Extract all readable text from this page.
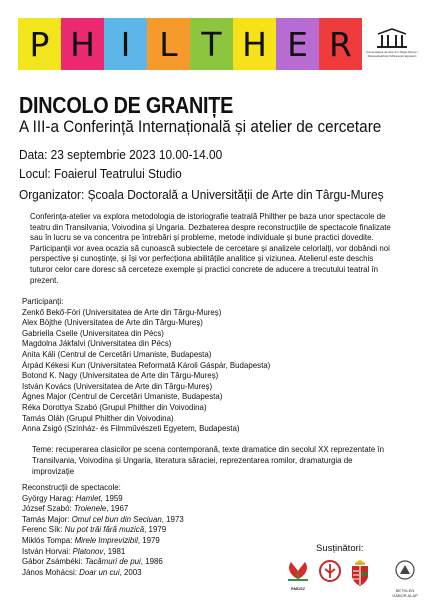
P H I L T H E R	Universitatea de Arte din Târgu-Mureș / Marosvásárhelyi Művészeti Egyetem
DINCOLO DE GRANIȚE
A III-a Conferință Internațională și atelier de cercetare
Data: 23 septembrie 2023 10.00-14.00
Locul: Foaierul Teatrului Studio
Organizator: Școala Doctorală a Universității de Arte din Târgu-Mureș
Conferința-atelier va explora metodologia de istoriografie teatrală Philther pe baza unor spectacole de teatru din Transilvania, Voivodina și Ungaria. Dezbaterea despre reconstrucțiile de spectacole finalizate sau în lucru se va concentra pe întrebări și probleme, metode individuale și bune practici dovedite. Participanții vor avea ocazia să cunoască subiectele de cercetare și analizele celorlalți, vor dobândi noi perspective și cunoștințe, și își vor perfecționa abilitățile analitice și viziunea. Atelierul este deschis tuturor celor care doresc să cerceteze exemple și practici concrete de aducere a trecutului teatral în prezent.
Participanți:
Zenkő Bekő-Fóri (Universitatea de Arte din Târgu-Mureș)
Alex Böjthe (Universitatea de Arte din Târgu-Mureș)
Gabriella Cselle (Universitatea din Pécs)
Magdolna Jákfalvi (Universitatea din Pécs)
Anita Káli (Centrul de Cercetări Umaniste, Budapesta)
Árpád Kékesi Kun (Universitatea Reformată Károli Gáspár, Budapesta)
Botond K. Nagy (Universitatea de Arte din Târgu-Mureș)
István Kovács (Universitatea de Arte din Târgu-Mureș)
Ágnes Major (Centrul de Cercetări Umaniste, Budapesta)
Réka Dorottya Szabó (Grupul Philther din Voivodina)
Tamás Oláh (Grupul Philther din Voivodina)
Anna Zsigó (Színház- és Filmművészeti Egyetem, Budapesta)
Teme: recuperarea clasicilor pe scena contemporană, texte dramatice din secolul XX reprezentate în Transilvania, Voivodina și Ungaria, literatura săraciei, reprezentarea romilor, dramaturgia de improvizație
Reconstrucții de spectacole:
György Harag: Hamlet, 1959
József Szabó: Troienele, 1967
Tamás Major: Omul cel bun din Seciuan, 1973
Ferenc Sík: Nu pot trăi fără muzică, 1979
Miklós Tompa: Mirele Imprevizibil, 1979
István Horvai: Platonov, 1981
Gábor Zsámbéki: Tacâmuri de pui, 1986
János Mohácsi: Doar un cui, 2003
Susținători:
RMDSZ	BETHLEN GÁBOR ALAP
